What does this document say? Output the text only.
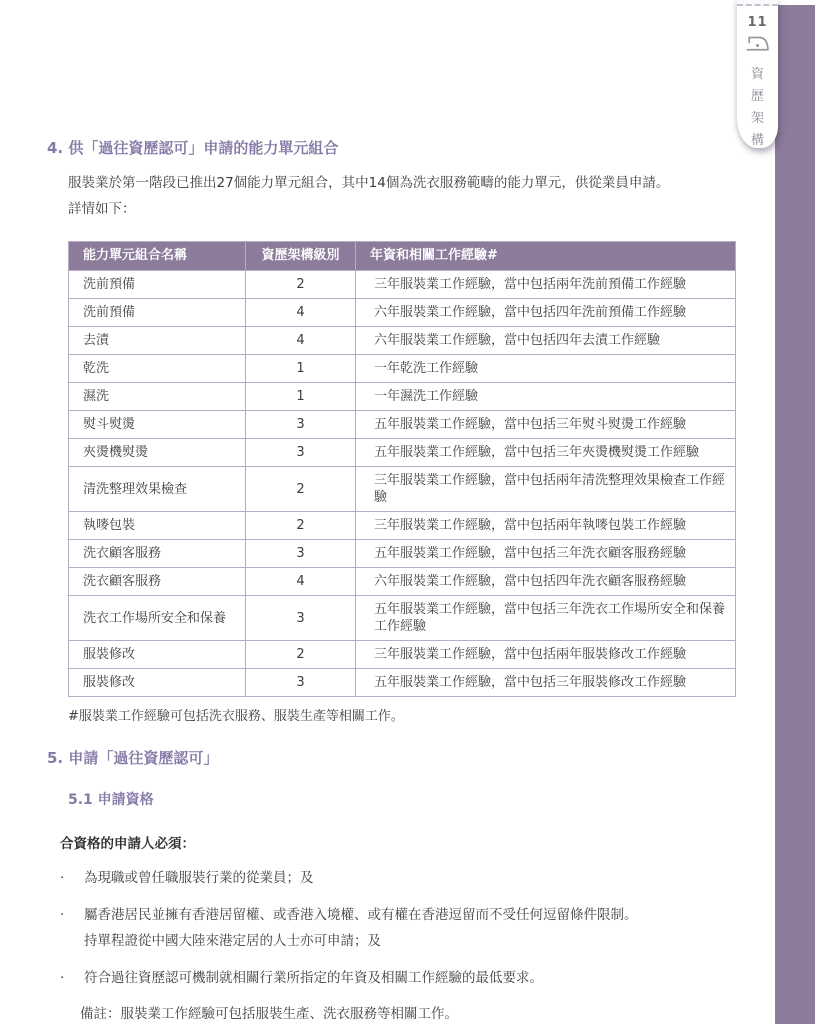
11
資
歷
架
構
4. 供「過往資歷認可」申請的能力單元組合
服裝業於第一階段已推出27個能力單元組合，其中14個為洗衣服務範疇的能力單元，供從業員申請。
詳情如下：
能力單元組合名稱	資歷架構級別	年資和相關工作經驗#
洗前預備	2	三年服裝業工作經驗，當中包括兩年洗前預備工作經驗
洗前預備	4	六年服裝業工作經驗，當中包括四年洗前預備工作經驗
去漬	4	六年服裝業工作經驗，當中包括四年去漬工作經驗
乾洗	1	一年乾洗工作經驗
濕洗	1	一年濕洗工作經驗
熨斗熨燙	3	五年服裝業工作經驗，當中包括三年熨斗熨燙工作經驗
夾燙機熨燙	3	五年服裝業工作經驗，當中包括三年夾燙機熨燙工作經驗
清洗整理效果檢查	2	三年服裝業工作經驗，當中包括兩年清洗整理效果檢查工作經驗
執嘜包裝	2	三年服裝業工作經驗，當中包括兩年執嘜包裝工作經驗
洗衣顧客服務	3	五年服裝業工作經驗，當中包括三年洗衣顧客服務經驗
洗衣顧客服務	4	六年服裝業工作經驗，當中包括四年洗衣顧客服務經驗
洗衣工作場所安全和保養	3	五年服裝業工作經驗，當中包括三年洗衣工作場所安全和保養工作經驗
服裝修改	2	三年服裝業工作經驗，當中包括兩年服裝修改工作經驗
服裝修改	3	五年服裝業工作經驗，當中包括三年服裝修改工作經驗
#服裝業工作經驗可包括洗衣服務、服裝生產等相關工作。
5. 申請「過往資歷認可」
5.1 申請資格
合資格的申請人必須：
·	為現職或曾任職服裝行業的從業員；及
·	屬香港居民並擁有香港居留權、或香港入境權、或有權在香港逗留而不受任何逗留條件限制。
持單程證從中國大陸來港定居的人士亦可申請；及
·	符合過往資歷認可機制就相關行業所指定的年資及相關工作經驗的最低要求。
備註：服裝業工作經驗可包括服裝生產、洗衣服務等相關工作。
